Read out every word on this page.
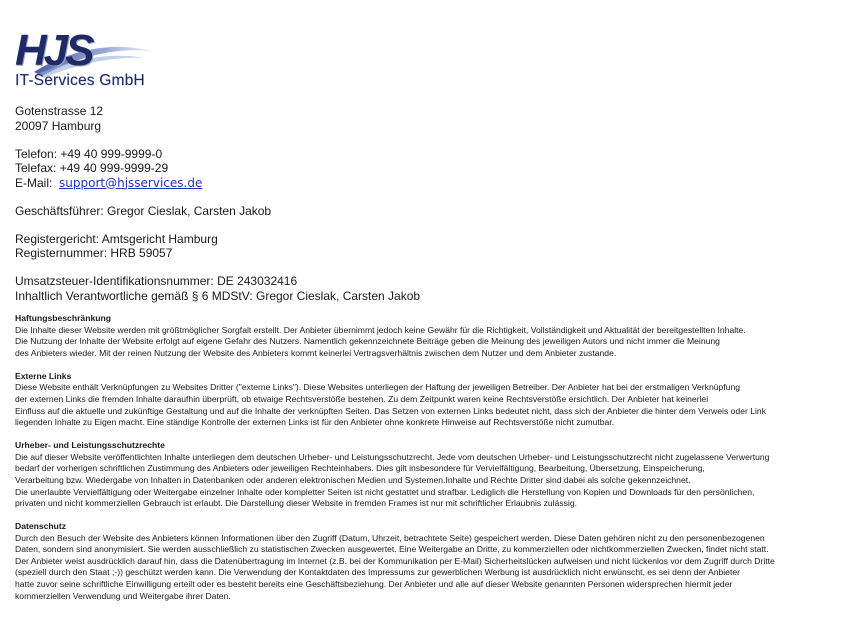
HJS
IT-Services GmbH
Gotenstrasse 12
20097 Hamburg
Telefon: +49 40 999-9999-0
Telefax: +49 40 999-9999-29
E-Mail: support@hjsservices.de
Geschäftsführer: Gregor Cieslak, Carsten Jakob
Registergericht: Amtsgericht Hamburg
Registernummer: HRB 59057
Umsatzsteuer-Identifikationsnummer: DE 243032416
Inhaltlich Verantwortliche gemäß § 6 MDStV: Gregor Cieslak, Carsten Jakob
Haftungsbeschränkung

Die Inhalte dieser Website werden mit größtmöglicher Sorgfalt erstellt. Der Anbieter übernimmt jedoch keine Gewähr für die Richtigkeit, Vollständigkeit und Aktualität der bereitgestellten Inhalte.
Die Nutzung der Inhalte der Website erfolgt auf eigene Gefahr des Nutzers. Namentlich gekennzeichnete Beiträge geben die Meinung des jeweiligen Autors und nicht immer die Meinung
des Anbieters wieder. Mit der reinen Nutzung der Website des Anbieters kommt keinerlei Vertragsverhältnis zwischen dem Nutzer und dem Anbieter zustande.

Externe Links

Diese Website enthält Verknüpfungen zu Websites Dritter ("externe Links"). Diese Websites unterliegen der Haftung der jeweiligen Betreiber. Der Anbieter hat bei der erstmaligen Verknüpfung
der externen Links die fremden Inhalte daraufhin überprüft, ob etwaige Rechtsverstöße bestehen. Zu dem Zeitpunkt waren keine Rechtsverstöße ersichtlich. Der Anbieter hat keinerlei
Einfluss auf die aktuelle und zukünftige Gestaltung und auf die Inhalte der verknüpften Seiten. Das Setzen von externen Links bedeutet nicht, dass sich der Anbieter die hinter dem Verweis oder Link
liegenden Inhalte zu Eigen macht. Eine ständige Kontrolle der externen Links ist für den Anbieter ohne konkrete Hinweise auf Rechtsverstöße nicht zumutbar.

Urheber- und Leistungsschutzrechte

Die auf dieser Website veröffentlichten Inhalte unterliegen dem deutschen Urheber- und Leistungsschutzrecht. Jede vom deutschen Urheber- und Leistungsschutzrecht nicht zugelassene Verwertung
bedarf der vorherigen schriftlichen Zustimmung des Anbieters oder jeweiligen Rechteinhabers. Dies gilt insbesondere für Vervielfältigung, Bearbeitung, Übersetzung, Einspeicherung,
Verarbeitung bzw. Wiedergabe von Inhalten in Datenbanken oder anderen elektronischen Medien und Systemen.Inhalte und Rechte Dritter sind dabei als solche gekennzeichnet.
Die unerlaubte Vervielfältigung oder Weitergabe einzelner Inhalte oder kompletter Seiten ist nicht gestattet und strafbar. Lediglich die Herstellung von Kopien und Downloads für den persönlichen,
privaten und nicht kommerziellen Gebrauch ist erlaubt. Die Darstellung dieser Website in fremden Frames ist nur mit schriftlicher Erlaubnis zulässig.

Datenschutz

Durch den Besuch der Website des Anbieters können Informationen über den Zugriff (Datum, Uhrzeit, betrachtete Seite) gespeichert werden. Diese Daten gehören nicht zu den personenbezogenen
Daten, sondern sind anonymisiert. Sie werden ausschließlich zu statistischen Zwecken ausgewertet. Eine Weitergabe an Dritte, zu kommerziellen oder nichtkommerziellen Zwecken, findet nicht statt.
Der Anbieter weist ausdrücklich darauf hin, dass die Datenübertragung im Internet (z.B. bei der Kommunikation per E-Mail) Sicherheitslücken aufweisen und nicht lückenlos vor dem Zugriff durch Dritte
(speziell durch den Staat ;-)) geschützt werden kann. Die Verwendung der Kontaktdaten des Impressums zur gewerblichen Werbung ist ausdrücklich nicht erwünscht, es sei denn der Anbieter
hatte zuvor seine schriftliche Einwilligung erteilt oder es besteht bereits eine Geschäftsbeziehung. Der Anbieter und alle auf dieser Website genannten Personen widersprechen hiermit jeder
kommerziellen Verwendung und Weitergabe ihrer Daten.
